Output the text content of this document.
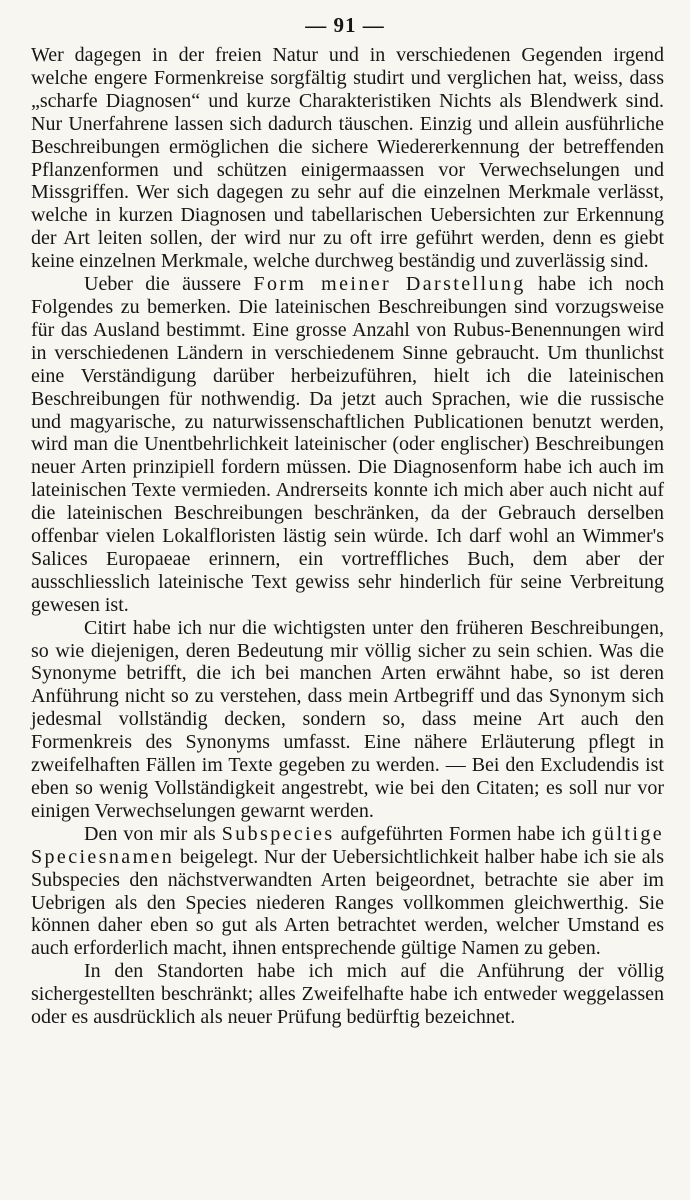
— 91 —

Wer dagegen in der freien Natur und in verschiedenen Gegenden irgend welche engere Formenkreise sorgfältig studirt und verglichen hat, weiss, dass „scharfe Diagnosen“ und kurze Charakteristiken Nichts als Blendwerk sind. Nur Unerfahrene lassen sich dadurch täuschen. Einzig und allein ausführliche Beschreibungen ermöglichen die sichere Wiedererkennung der betreffenden Pflanzenformen und schützen einigermaassen vor Verwechselungen und Missgriffen. Wer sich dagegen zu sehr auf die einzelnen Merkmale verlässt, welche in kurzen Diagnosen und tabellarischen Uebersichten zur Erkennung der Art leiten sollen, der wird nur zu oft irre geführt werden, denn es giebt keine einzelnen Merkmale, welche durchweg beständig und zuverlässig sind.

Ueber die äussere Form meiner Darstellung habe ich noch Folgendes zu bemerken. Die lateinischen Beschreibungen sind vorzugsweise für das Ausland bestimmt. Eine grosse Anzahl von Rubus-Benennungen wird in verschiedenen Ländern in verschiedenem Sinne gebraucht. Um thunlichst eine Verständigung darüber herbeizuführen, hielt ich die lateinischen Beschreibungen für nothwendig. Da jetzt auch Sprachen, wie die russische und magyarische, zu naturwissenschaftlichen Publicationen benutzt werden, wird man die Unentbehrlichkeit lateinischer (oder englischer) Beschreibungen neuer Arten prinzipiell fordern müssen. Die Diagnosenform habe ich auch im lateinischen Texte vermieden. Andrerseits konnte ich mich aber auch nicht auf die lateinischen Beschreibungen beschränken, da der Gebrauch derselben offenbar vielen Lokalfloristen lästig sein würde. Ich darf wohl an Wimmer's Salices Europaeae erinnern, ein vortreffliches Buch, dem aber der ausschliesslich lateinische Text gewiss sehr hinderlich für seine Verbreitung gewesen ist.

Citirt habe ich nur die wichtigsten unter den früheren Beschreibungen, so wie diejenigen, deren Bedeutung mir völlig sicher zu sein schien. Was die Synonyme betrifft, die ich bei manchen Arten erwähnt habe, so ist deren Anführung nicht so zu verstehen, dass mein Artbegriff und das Synonym sich jedesmal vollständig decken, sondern so, dass meine Art auch den Formenkreis des Synonyms umfasst. Eine nähere Erläuterung pflegt in zweifelhaften Fällen im Texte gegeben zu werden. — Bei den Excludendis ist eben so wenig Vollständigkeit angestrebt, wie bei den Citaten; es soll nur vor einigen Verwechselungen gewarnt werden.

Den von mir als Subspecies aufgeführten Formen habe ich gültige Speciesnamen beigelegt. Nur der Uebersichtlichkeit halber habe ich sie als Subspecies den nächstverwandten Arten beigeordnet, betrachte sie aber im Uebrigen als den Species niederen Ranges vollkommen gleichwerthig. Sie können daher eben so gut als Arten betrachtet werden, welcher Umstand es auch erforderlich macht, ihnen entsprechende gültige Namen zu geben.

In den Standorten habe ich mich auf die Anführung der völlig sichergestellten beschränkt; alles Zweifelhafte habe ich entweder weggelassen oder es ausdrücklich als neuer Prüfung bedürftig bezeichnet.
